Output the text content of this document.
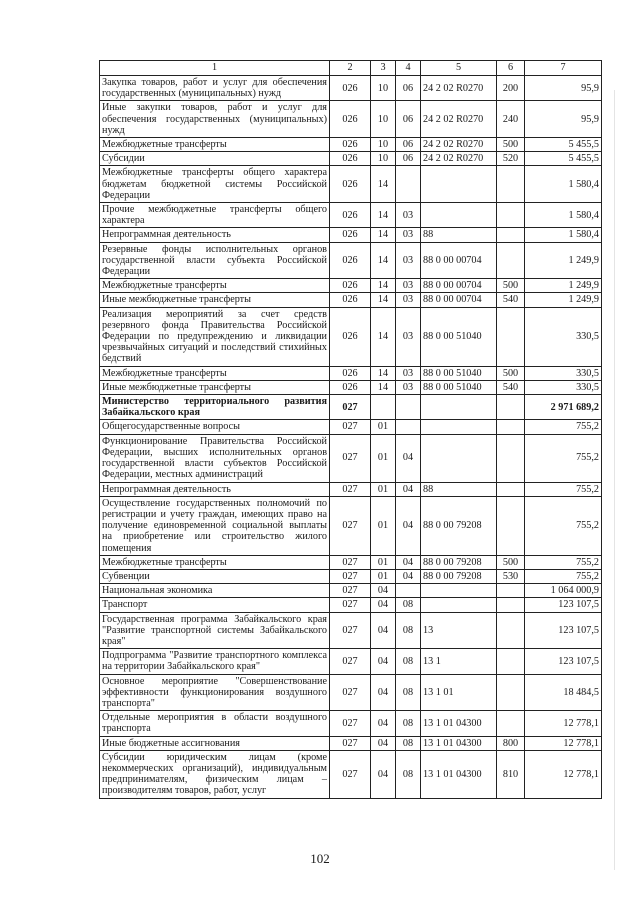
1	2	3	4	5	6	7
Закупка товаров, работ и услуг для обеспечения государственных (муниципальных) нужд	026	10	06	24 2 02 R0270	200	95,9
Иные закупки товаров, работ и услуг для обеспечения государственных (муниципальных) нужд	026	10	06	24 2 02 R0270	240	95,9
Межбюджетные трансферты	026	10	06	24 2 02 R0270	500	5 455,5
Субсидии	026	10	06	24 2 02 R0270	520	5 455,5
Межбюджетные трансферты общего характера бюджетам бюджетной системы Российской Федерации	026	14				1 580,4
Прочие межбюджетные трансферты общего характера	026	14	03			1 580,4
Непрограммная деятельность	026	14	03	88		1 580,4
Резервные фонды исполнительных органов государственной власти субъекта Российской Федерации	026	14	03	88 0 00 00704		1 249,9
Межбюджетные трансферты	026	14	03	88 0 00 00704	500	1 249,9
Иные межбюджетные трансферты	026	14	03	88 0 00 00704	540	1 249,9
Реализация мероприятий за счет средств резервного фонда Правительства Российской Федерации по предупреждению и ликвидации чрезвычайных ситуаций и последствий стихийных бедствий	026	14	03	88 0 00 51040		330,5
Межбюджетные трансферты	026	14	03	88 0 00 51040	500	330,5
Иные межбюджетные трансферты	026	14	03	88 0 00 51040	540	330,5
Министерство территориального развития Забайкальского края	027					2 971 689,2
Общегосударственные вопросы	027	01				755,2
Функционирование Правительства Российской Федерации, высших исполнительных органов государственной власти субъектов Российской Федерации, местных администраций	027	01	04			755,2
Непрограммная деятельность	027	01	04	88		755,2
Осуществление государственных полномочий по регистрации и учету граждан, имеющих право на получение единовременной социальной выплаты на приобретение или строительство жилого помещения	027	01	04	88 0 00 79208		755,2
Межбюджетные трансферты	027	01	04	88 0 00 79208	500	755,2
Субвенции	027	01	04	88 0 00 79208	530	755,2
Национальная экономика	027	04				1 064 000,9
Транспорт	027	04	08			123 107,5
Государственная программа Забайкальского края "Развитие транспортной системы Забайкальского края"	027	04	08	13		123 107,5
Подпрограмма "Развитие транспортного комплекса на территории Забайкальского края"	027	04	08	13 1		123 107,5
Основное мероприятие "Совершенствование эффективности функционирования воздушного транспорта"	027	04	08	13 1 01		18 484,5
Отдельные мероприятия в области воздушного транспорта	027	04	08	13 1 01 04300		12 778,1
Иные бюджетные ассигнования	027	04	08	13 1 01 04300	800	12 778,1
Субсидии юридическим лицам (кроме некоммерческих организаций), индивидуальным предпринимателям, физическим лицам – производителям товаров, работ, услуг	027	04	08	13 1 01 04300	810	12 778,1
102
